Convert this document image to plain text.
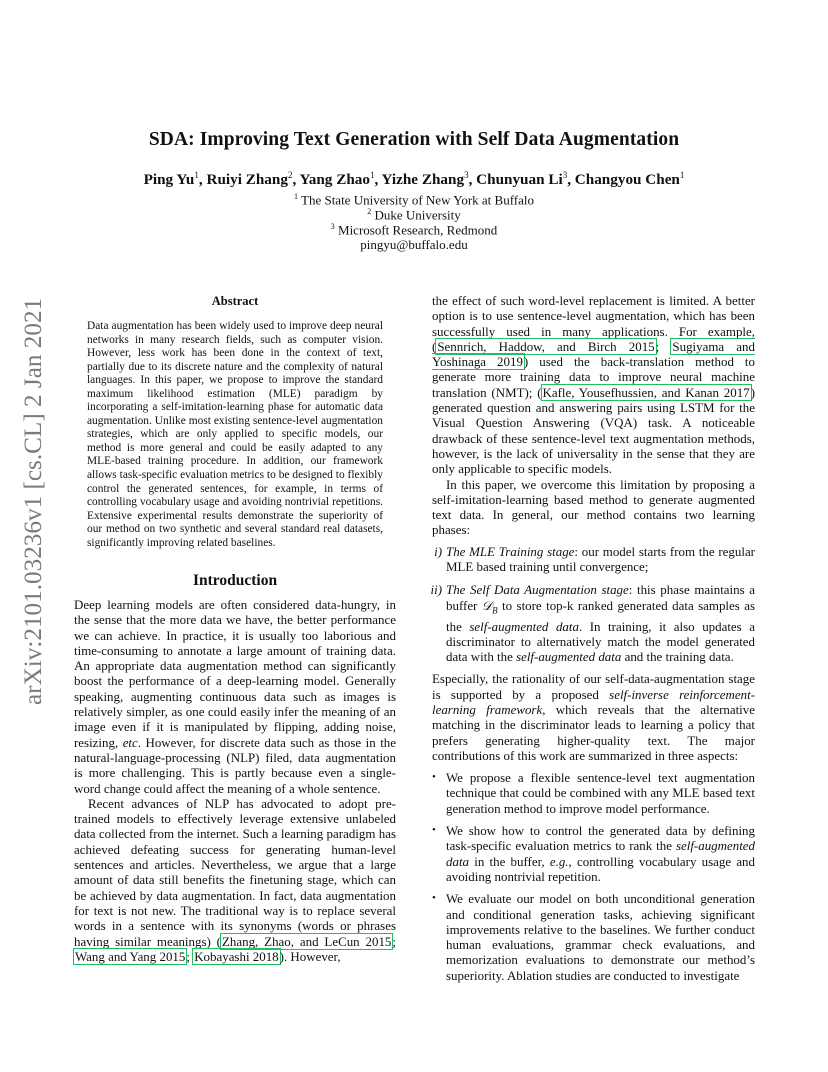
SDA: Improving Text Generation with Self Data Augmentation
Ping Yu$^1$, Ruiyi Zhang$^2$, Yang Zhao$^1$, Yizhe Zhang$^3$, Chunyuan Li$^3$, Changyou Chen$^1$
$^1$ The State University of New York at Buffalo
$^2$ Duke University
$^3$ Microsoft Research, Redmond
pingyu@buffalo.edu
arXiv:2101.03236v1 [cs.CL] 2 Jan 2021	Abstract
Data augmentation has been widely used to improve deep neural networks in many research fields, such as computer vision. However, less work has been done in the context of text, partially due to its discrete nature and the complexity of natural languages. In this paper, we propose to improve the standard maximum likelihood estimation (MLE) paradigm by incorporating a self-imitation-learning phase for automatic data augmentation. Unlike most existing sentence-level augmentation strategies, which are only applied to specific models, our method is more general and could be easily adapted to any MLE-based training procedure. In addition, our framework allows task-specific evaluation metrics to be designed to flexibly control the generated sentences, for example, in terms of controlling vocabulary usage and avoiding nontrivial repetitions. Extensive experimental results demonstrate the superiority of our method on two synthetic and several standard real datasets, significantly improving related baselines.
Introduction

Deep learning models are often considered data-hungry, in the sense that the more data we have, the better performance we can achieve. In practice, it is usually too laborious and time-consuming to annotate a large amount of training data. An appropriate data augmentation method can significantly boost the performance of a deep-learning model. Generally speaking, augmenting continuous data such as images is relatively simpler, as one could easily infer the meaning of an image even if it is manipulated by flipping, adding noise, resizing, etc. However, for discrete data such as those in the natural-language-processing (NLP) filed, data augmentation is more challenging. This is partly because even a single-word change could affect the meaning of a whole sentence.

Recent advances of NLP has advocated to adopt pre-trained models to effectively leverage extensive unlabeled data collected from the internet. Such a learning paradigm has achieved defeating success for generating human-level sentences and articles. Nevertheless, we argue that a large amount of data still benefits the finetuning stage, which can be achieved by data augmentation. In fact, data augmentation for text is not new. The traditional way is to replace several words in a sentence with its synonyms (words or phrases having similar meanings) (Zhang, Zhao, and LeCun 2015; Wang and Yang 2015; Kobayashi 2018). However,

the effect of such word-level replacement is limited. A better option is to use sentence-level augmentation, which has been successfully used in many applications. For example, (Sennrich, Haddow, and Birch 2015; Sugiyama and Yoshinaga 2019) used the back-translation method to generate more training data to improve neural machine translation (NMT); (Kafle, Yousefhussien, and Kanan 2017) generated question and answering pairs using LSTM for the Visual Question Answering (VQA) task. A noticeable drawback of these sentence-level text augmentation methods, however, is the lack of universality in the sense that they are only applicable to specific models.

In this paper, we overcome this limitation by proposing a self-imitation-learning based method to generate augmented text data. In general, our method contains two learning phases:

i) The MLE Training stage: our model starts from the regular MLE based training until convergence;
ii) The Self Data Augmentation stage: this phase maintains a buffer 𝒟$_B$ to store top-k ranked generated data samples as the self-augmented data. In training, it also updates a discriminator to alternatively match the model generated data with the self-augmented data and the training data.

Especially, the rationality of our self-data-augmentation stage is supported by a proposed self-inverse reinforcement-learning framework, which reveals that the alternative matching in the discriminator leads to learning a policy that prefers generating higher-quality text. The major contributions of this work are summarized in three aspects:

• We propose a flexible sentence-level text augmentation technique that could be combined with any MLE based text generation method to improve model performance.
• We show how to control the generated data by defining task-specific evaluation metrics to rank the self-augmented data in the buffer, e.g., controlling vocabulary usage and avoiding nontrivial repetition.
• We evaluate our model on both unconditional generation and conditional generation tasks, achieving significant improvements relative to the baselines. We further conduct human evaluations, grammar check evaluations, and memorization evaluations to demonstrate our method’s superiority. Ablation studies are conducted to investigate
